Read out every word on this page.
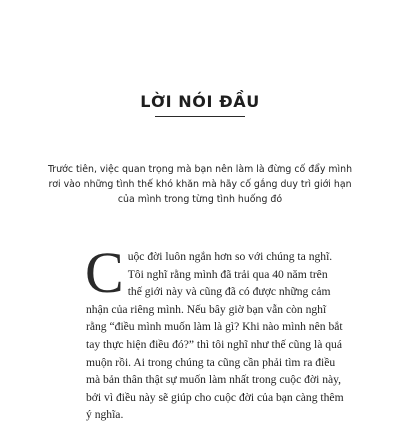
LỜI NÓI ĐẦU

Trước tiên, việc quan trọng mà bạn nên làm là đừng cố đẩy mình rơi vào những tình thế khó khăn mà hãy cố gắng duy trì giới hạn của mình trong từng tình huống đó

Cuộc đời luôn ngắn hơn so với chúng ta nghĩ. Tôi nghĩ rằng mình đã trải qua 40 năm trên thế giới này và cũng đã có được những cảm nhận của riêng mình. Nếu bây giờ bạn vẫn còn nghĩ rằng “điều mình muốn làm là gì? Khi nào mình nên bắt tay thực hiện điều đó?” thì tôi nghĩ như thế cũng là quá muộn rồi. Ai trong chúng ta cũng cần phải tìm ra điều mà bản thân thật sự muốn làm nhất trong cuộc đời này, bởi vì điều này sẽ giúp cho cuộc đời của bạn càng thêm ý nghĩa.
